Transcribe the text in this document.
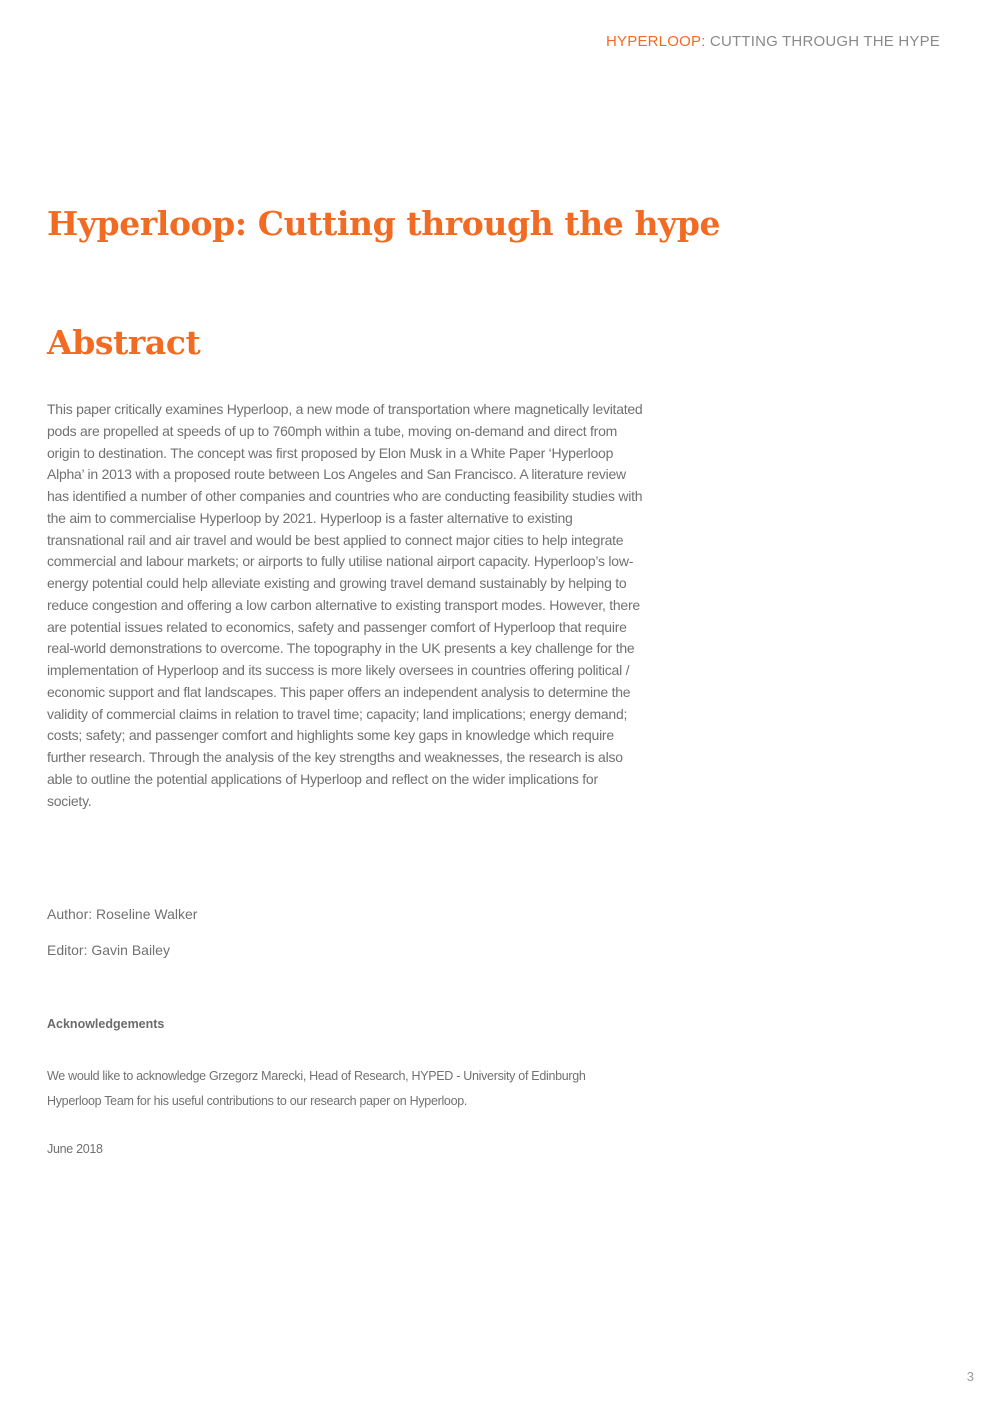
HYPERLOOP: CUTTING THROUGH THE HYPE
Hyperloop: Cutting through the hype
Abstract

This paper critically examines Hyperloop, a new mode of transportation where magnetically levitated pods are propelled at speeds of up to 760mph within a tube, moving on-demand and direct from origin to destination. The concept was first proposed by Elon Musk in a White Paper ‘Hyperloop Alpha’ in 2013 with a proposed route between Los Angeles and San Francisco. A literature review has identified a number of other companies and countries who are conducting feasibility studies with the aim to commercialise Hyperloop by 2021. Hyperloop is a faster alternative to existing transnational rail and air travel and would be best applied to connect major cities to help integrate commercial and labour markets; or airports to fully utilise national airport capacity. Hyperloop’s low-energy potential could help alleviate existing and growing travel demand sustainably by helping to reduce congestion and offering a low carbon alternative to existing transport modes. However, there are potential issues related to economics, safety and passenger comfort of Hyperloop that require real-world demonstrations to overcome. The topography in the UK presents a key challenge for the implementation of Hyperloop and its success is more likely oversees in countries offering political / economic support and flat landscapes. This paper offers an independent analysis to determine the validity of commercial claims in relation to travel time; capacity; land implications; energy demand; costs; safety; and passenger comfort and highlights some key gaps in knowledge which require further research. Through the analysis of the key strengths and weaknesses, the research is also able to outline the potential applications of Hyperloop and reflect on the wider implications for society.

Author: Roseline Walker

Editor: Gavin Bailey

Acknowledgements

We would like to acknowledge Grzegorz Marecki, Head of Research, HYPED - University of Edinburgh Hyperloop Team for his useful contributions to our research paper on Hyperloop.

June 2018

3
